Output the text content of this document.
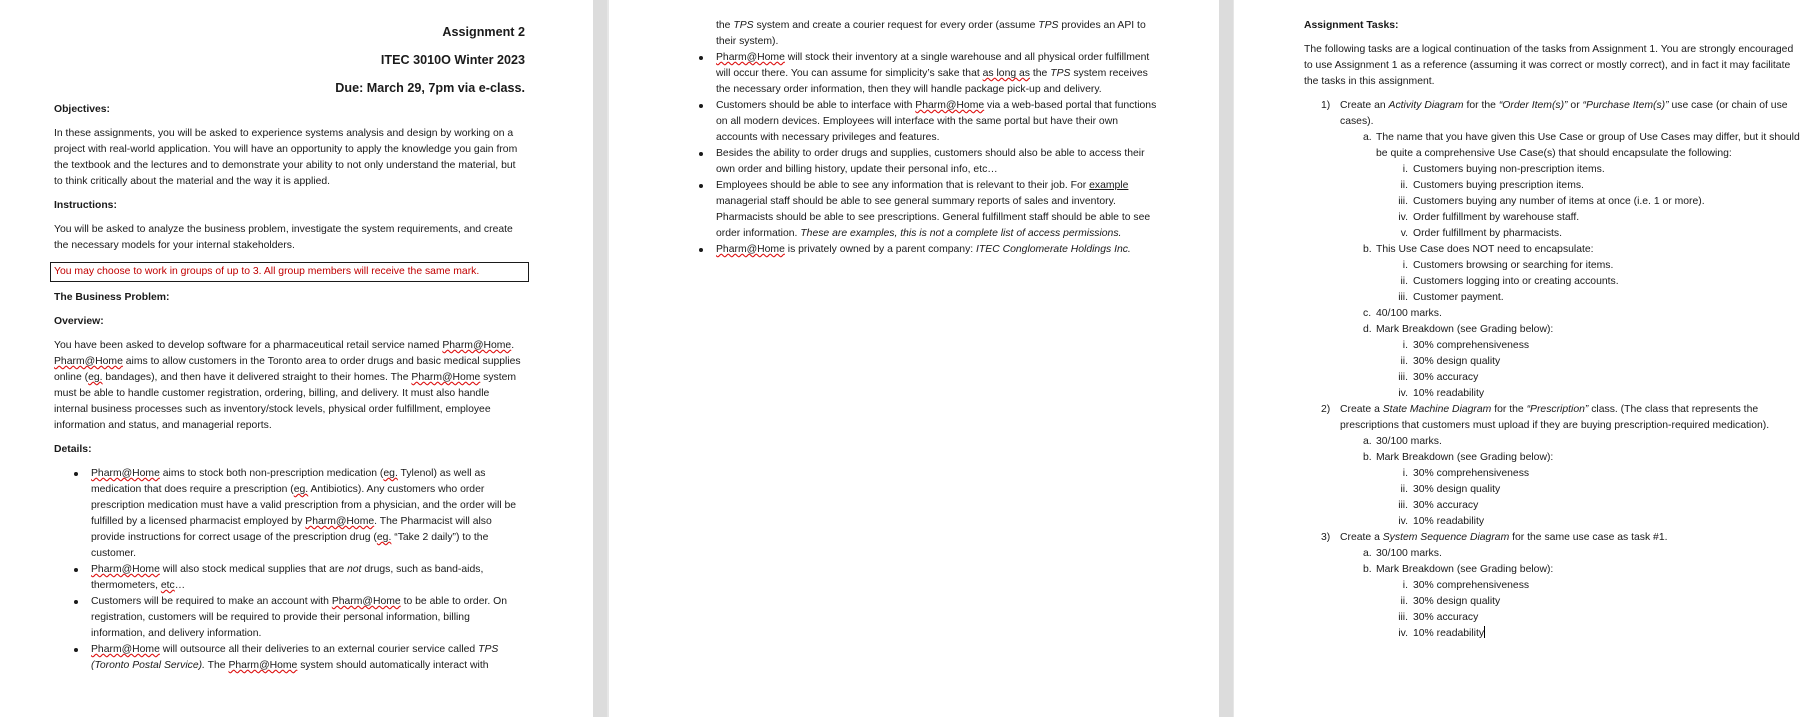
Assignment 2
ITEC 3010O Winter 2023
Due: March 29, 7pm via e-class.
Objectives:

In these assignments, you will be asked to experience systems analysis and design by working on a project with real-world application. You will have an opportunity to apply the knowledge you gain from the textbook and the lectures and to demonstrate your ability to not only understand the material, but to think critically about the material and the way it is applied.

Instructions:

You will be asked to analyze the business problem, investigate the system requirements, and create the necessary models for your internal stakeholders.

You may choose to work in groups of up to 3. All group members will receive the same mark.
The Business Problem:
Overview:

You have been asked to develop software for a pharmaceutical retail service named Pharm@Home. Pharm@Home aims to allow customers in the Toronto area to order drugs and basic medical supplies online (eg. bandages), and then have it delivered straight to their homes. The Pharm@Home system must be able to handle customer registration, ordering, billing, and delivery. It must also handle internal business processes such as inventory/stock levels, physical order fulfillment, employee information and status, and managerial reports.

Details:
Pharm@Home aims to stock both non-prescription medication (eg. Tylenol) as well as medication that does require a prescription (eg. Antibiotics). Any customers who order prescription medication must have a valid prescription from a physician, and the order will be fulfilled by a licensed pharmacist employed by Pharm@Home. The Pharmacist will also provide instructions for correct usage of the prescription drug (eg. “Take 2 daily”) to the customer.
Pharm@Home will also stock medical supplies that are not drugs, such as band-aids, thermometers, etc…
Customers will be required to make an account with Pharm@Home to be able to order. On registration, customers will be required to provide their personal information, billing information, and delivery information.
Pharm@Home will outsource all their deliveries to an external courier service called TPS (Toronto Postal Service). The Pharm@Home system should automatically interact with
the TPS system and create a courier request for every order (assume TPS provides an API to their system).
Pharm@Home will stock their inventory at a single warehouse and all physical order fulfillment will occur there. You can assume for simplicity’s sake that as long as the TPS system receives the necessary order information, then they will handle package pick-up and delivery.
Customers should be able to interface with Pharm@Home via a web-based portal that functions on all modern devices. Employees will interface with the same portal but have their own accounts with necessary privileges and features.
Besides the ability to order drugs and supplies, customers should also be able to access their own order and billing history, update their personal info, etc…
Employees should be able to see any information that is relevant to their job. For example managerial staff should be able to see general summary reports of sales and inventory. Pharmacists should be able to see prescriptions. General fulfillment staff should be able to see order information. These are examples, this is not a complete list of access permissions.
Pharm@Home is privately owned by a parent company: ITEC Conglomerate Holdings Inc.
Assignment Tasks:

The following tasks are a logical continuation of the tasks from Assignment 1. You are strongly encouraged to use Assignment 1 as a reference (assuming it was correct or mostly correct), and in fact it may facilitate the tasks in this assignment.

1) Create an Activity Diagram for the “Order Item(s)” or “Purchase Item(s)” use case (or chain of use cases).
a. The name that you have given this Use Case or group of Use Cases may differ, but it should be quite a comprehensive Use Case(s) that should encapsulate the following:
i. Customers buying non-prescription items.
ii. Customers buying prescription items.
iii. Customers buying any number of items at once (i.e. 1 or more).
iv. Order fulfillment by warehouse staff.
v. Order fulfillment by pharmacists.
b. This Use Case does NOT need to encapsulate:
i. Customers browsing or searching for items.
ii. Customers logging into or creating accounts.
iii. Customer payment.
c. 40/100 marks.
d. Mark Breakdown (see Grading below):
i. 30% comprehensiveness
ii. 30% design quality
iii. 30% accuracy
iv. 10% readability
2) Create a State Machine Diagram for the “Prescription” class. (The class that represents the prescriptions that customers must upload if they are buying prescription-required medication).
a. 30/100 marks.
b. Mark Breakdown (see Grading below):
i. 30% comprehensiveness
ii. 30% design quality
iii. 30% accuracy
iv. 10% readability
3) Create a System Sequence Diagram for the same use case as task #1.
a. 30/100 marks.
b. Mark Breakdown (see Grading below):
i. 30% comprehensiveness
ii. 30% design quality
iii. 30% accuracy
iv. 10% readability
